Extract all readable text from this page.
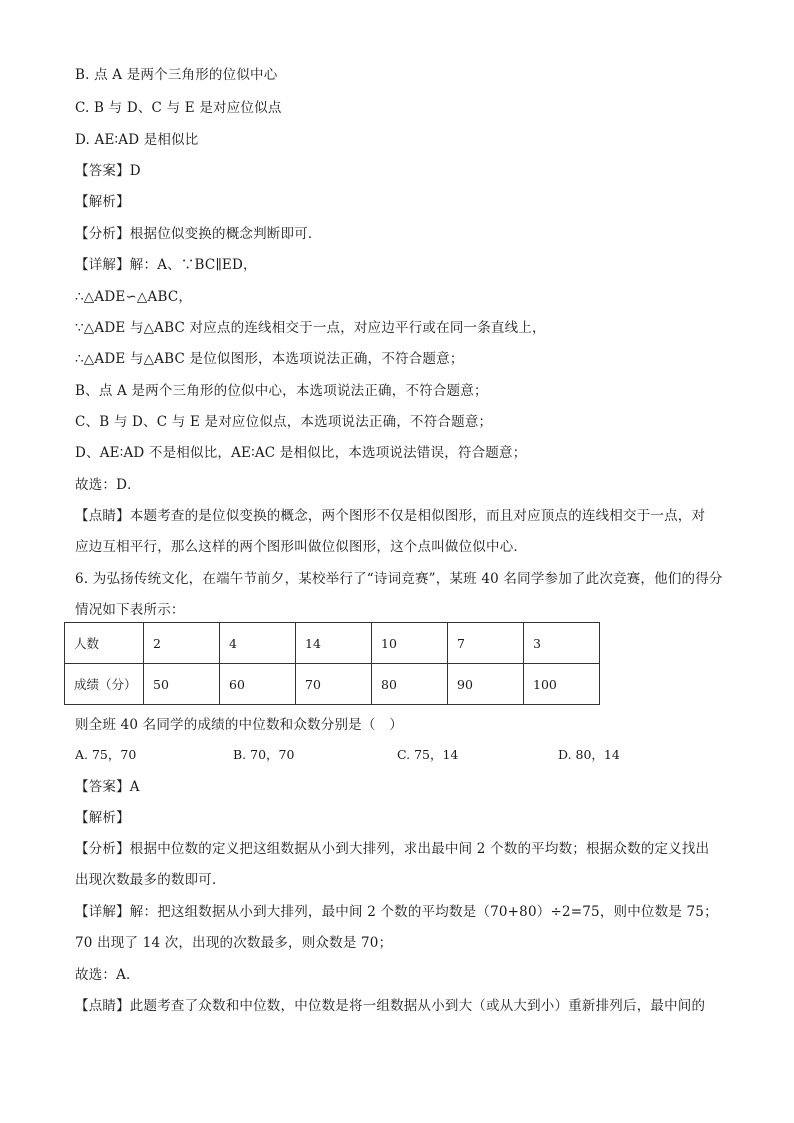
B. 点 A 是两个三角形的位似中心
C. B 与 D、C 与 E 是对应位似点
D. AE∶AD 是相似比
【答案】D
【解析】
【分析】根据位似变换的概念判断即可．
【详解】解：A、∵BC∥ED，
∴△ADE∽△ABC，
∵△ADE 与△ABC 对应点的连线相交于一点，对应边平行或在同一条直线上，
∴△ADE 与△ABC 是位似图形，本选项说法正确，不符合题意；
B、点 A 是两个三角形的位似中心，本选项说法正确，不符合题意；
C、B 与 D、C 与 E 是对应位似点，本选项说法正确，不符合题意；
D、AE∶AD 不是相似比，AE∶AC 是相似比，本选项说法错误，符合题意；
故选：D．
【点睛】本题考查的是位似变换的概念，两个图形不仅是相似图形，而且对应顶点的连线相交于一点，对
应边互相平行，那么这样的两个图形叫做位似图形，这个点叫做位似中心．
6. 为弘扬传统文化，在端午节前夕，某校举行了“诗词竞赛”，某班 40 名同学参加了此次竞赛，他们的得分
情况如下表所示：
人数	2	4	14	10	7	3
成绩（分）	50	60	70	80	90	100
则全班 40 名同学的成绩的中位数和众数分别是（　）
A. 75，70	B. 70，70	C. 75，14	D. 80，14
【答案】A
【解析】
【分析】根据中位数的定义把这组数据从小到大排列，求出最中间 2 个数的平均数；根据众数的定义找出
出现次数最多的数即可．
【详解】解：把这组数据从小到大排列，最中间 2 个数的平均数是（70+80）÷2=75，则中位数是 75；
70 出现了 14 次，出现的次数最多，则众数是 70；
故选：A．
【点睛】此题考查了众数和中位数，中位数是将一组数据从小到大（或从大到小）重新排列后，最中间的
